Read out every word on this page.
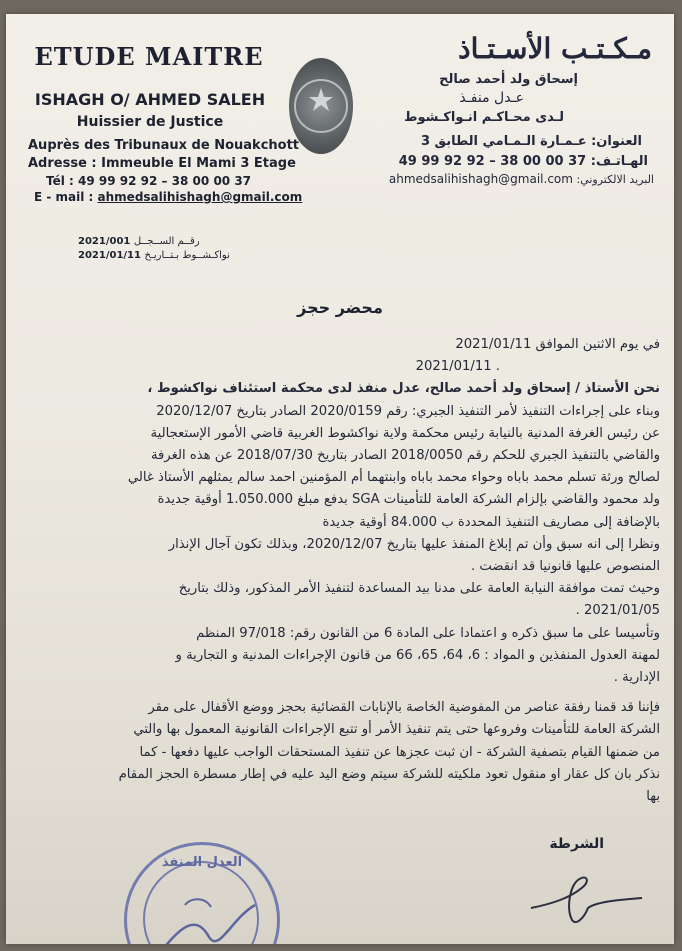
ETUDE MAITRE
ISHAGH O/ AHMED SALEH
Huissier de Justice
Auprès des Tribunaux de Nouakchott
Adresse : Immeuble El Mami 3 Etage
Tél : 49 99 92 92 – 38 00 00 37
E - mail : ahmedsalihishagh@gmail.com
مـكـتـب الأسـتـاذ
إسحاق ولد أحمد صالح
عـدل منفـذ
لـدى محـاكـم انـواكـشوط
العنوان: عـمـارة الـمـامي الطابق 3
الهـاتـف: 37 00 00 38 – 92 92 99 49
البريد الالكتروني: ahmedsalihishagh@gmail.com
2021/001 رقــم الســجــل
2021/01/11 نواكـشــوط بـتــاريـخ
محضر حجز
في يوم الاثنين الموافق 2021/01/11
. 2021/01/11
نحن الأستاذ / إسحاق ولد أحمد صالح، عدل منفذ لدى محكمة استئناف نواكشوط ،
وبناء على إجراءات التنفيذ لأمر التنفيذ الجبري: رقم 2020/0159 الصادر بتاريخ 2020/12/07
عن رئيس الغرفة المدنية بالنيابة رئيس محكمة ولاية نواكشوط الغربية قاضي الأمور الإستعجالية
والقاضي بالتنفيذ الجبري للحكم رقم 2018/0050 الصادر بتاريخ 2018/07/30 عن هذه الغرفة
لصالح ورثة تسلم محمد باباه وحواء محمد باباه وابنتهما أم المؤمنين احمد سالم يمثلهم الأستاذ غالي
ولد محمود والقاضي بإلزام الشركة العامة للتأمينات SGA بدفع مبلغ 1.050.000 أوقية جديدة
بالإضافة إلى مصاريف التنفيذ المحددة ب 84.000 أوقية جديدة
ونظرا إلى انه سبق وأن تم إبلاغ المنفذ عليها بتاريخ 2020/12/07، وبذلك تكون آجال الإنذار
المنصوص عليها قانونيا قد انقضت .
وحيث تمت موافقة النيابة العامة على مدنا بيد المساعدة لتنفيذ الأمر المذكور، وذلك بتاريخ
2021/01/05 .
وتأسيسا على ما سبق ذكره و اعتمادا على المادة 6 من القانون رقم: 97/018 المنظم
لمهنة العدول المنفذين و المواد : 6، 64، 65، 66 من قانون الإجراءات المدنية و التجارية و
الإدارية .
فإننا قد قمنا رفقة عناصر من المفوضية الخاصة بالإنابات القضائية بحجز ووضع الأقفال على مقر
الشركة العامة للتأمينات وفروعها حتى يتم تنفيذ الأمر أو تتبع الإجراءات القانونية المعمول بها والتي
من ضمنها القيام بتصفية الشركة - ان ثبت عجزها عن تنفيذ المستحقات الواجب عليها دفعها - كما
نذكر بان كل عقار او منقول تعود ملكيته للشركة سيتم وضع اليد عليه في إطار مسطرة الحجز المقام
بها
الشرطة
العدل المنفذ
